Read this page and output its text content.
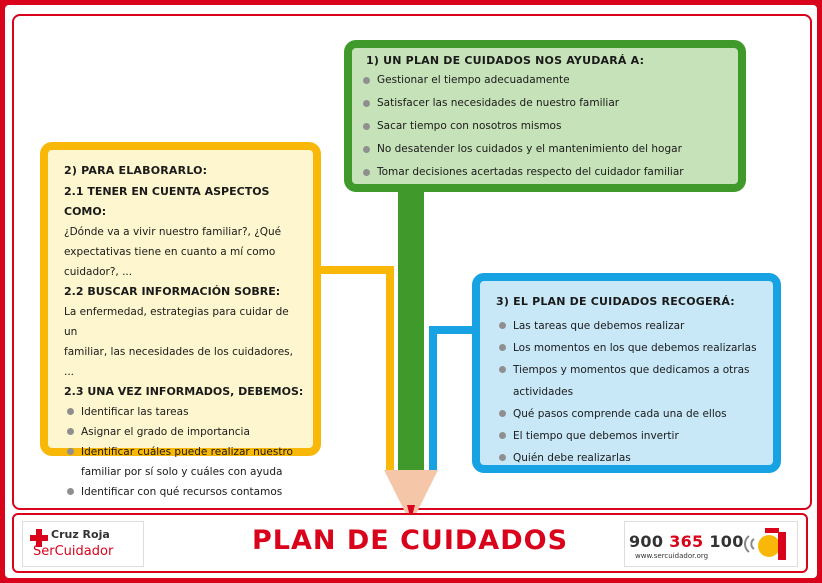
1) UN PLAN DE CUIDADOS NOS AYUDARÁ A:
Gestionar el tiempo adecuadamente
Satisfacer las necesidades de nuestro familiar
Sacar tiempo con nosotros mismos
No desatender los cuidados y el mantenimiento del hogar
Tomar decisiones acertadas respecto del cuidador familiar
2) PARA ELABORARLO:
2.1 TENER EN CUENTA ASPECTOS COMO:
¿Dónde va a vivir nuestro familiar?, ¿Qué
expectativas tiene en cuanto a mí como
cuidador?, ...
2.2 BUSCAR INFORMACIÓN SOBRE:
La enfermedad, estrategias para cuidar de un
familiar, las necesidades de los cuidadores, ...
2.3 UNA VEZ INFORMADOS, DEBEMOS:
Identificar las tareas
Asignar el grado de importancia
Identificar cuáles puede realizar nuestro
familiar por sí solo y cuáles con ayuda
Identificar con qué recursos contamos
3) EL PLAN DE CUIDADOS RECOGERÁ:
Las tareas que debemos realizar
Los momentos en los que debemos realizarlas
Tiempos y momentos que dedicamos a otras
actividades
Qué pasos comprende cada una de ellos
El tiempo que debemos invertir
Quién debe realizarlas
Cruz Roja
SerCuidador	PLAN DE CUIDADOS	900 365 100
www.sercuidador.org
